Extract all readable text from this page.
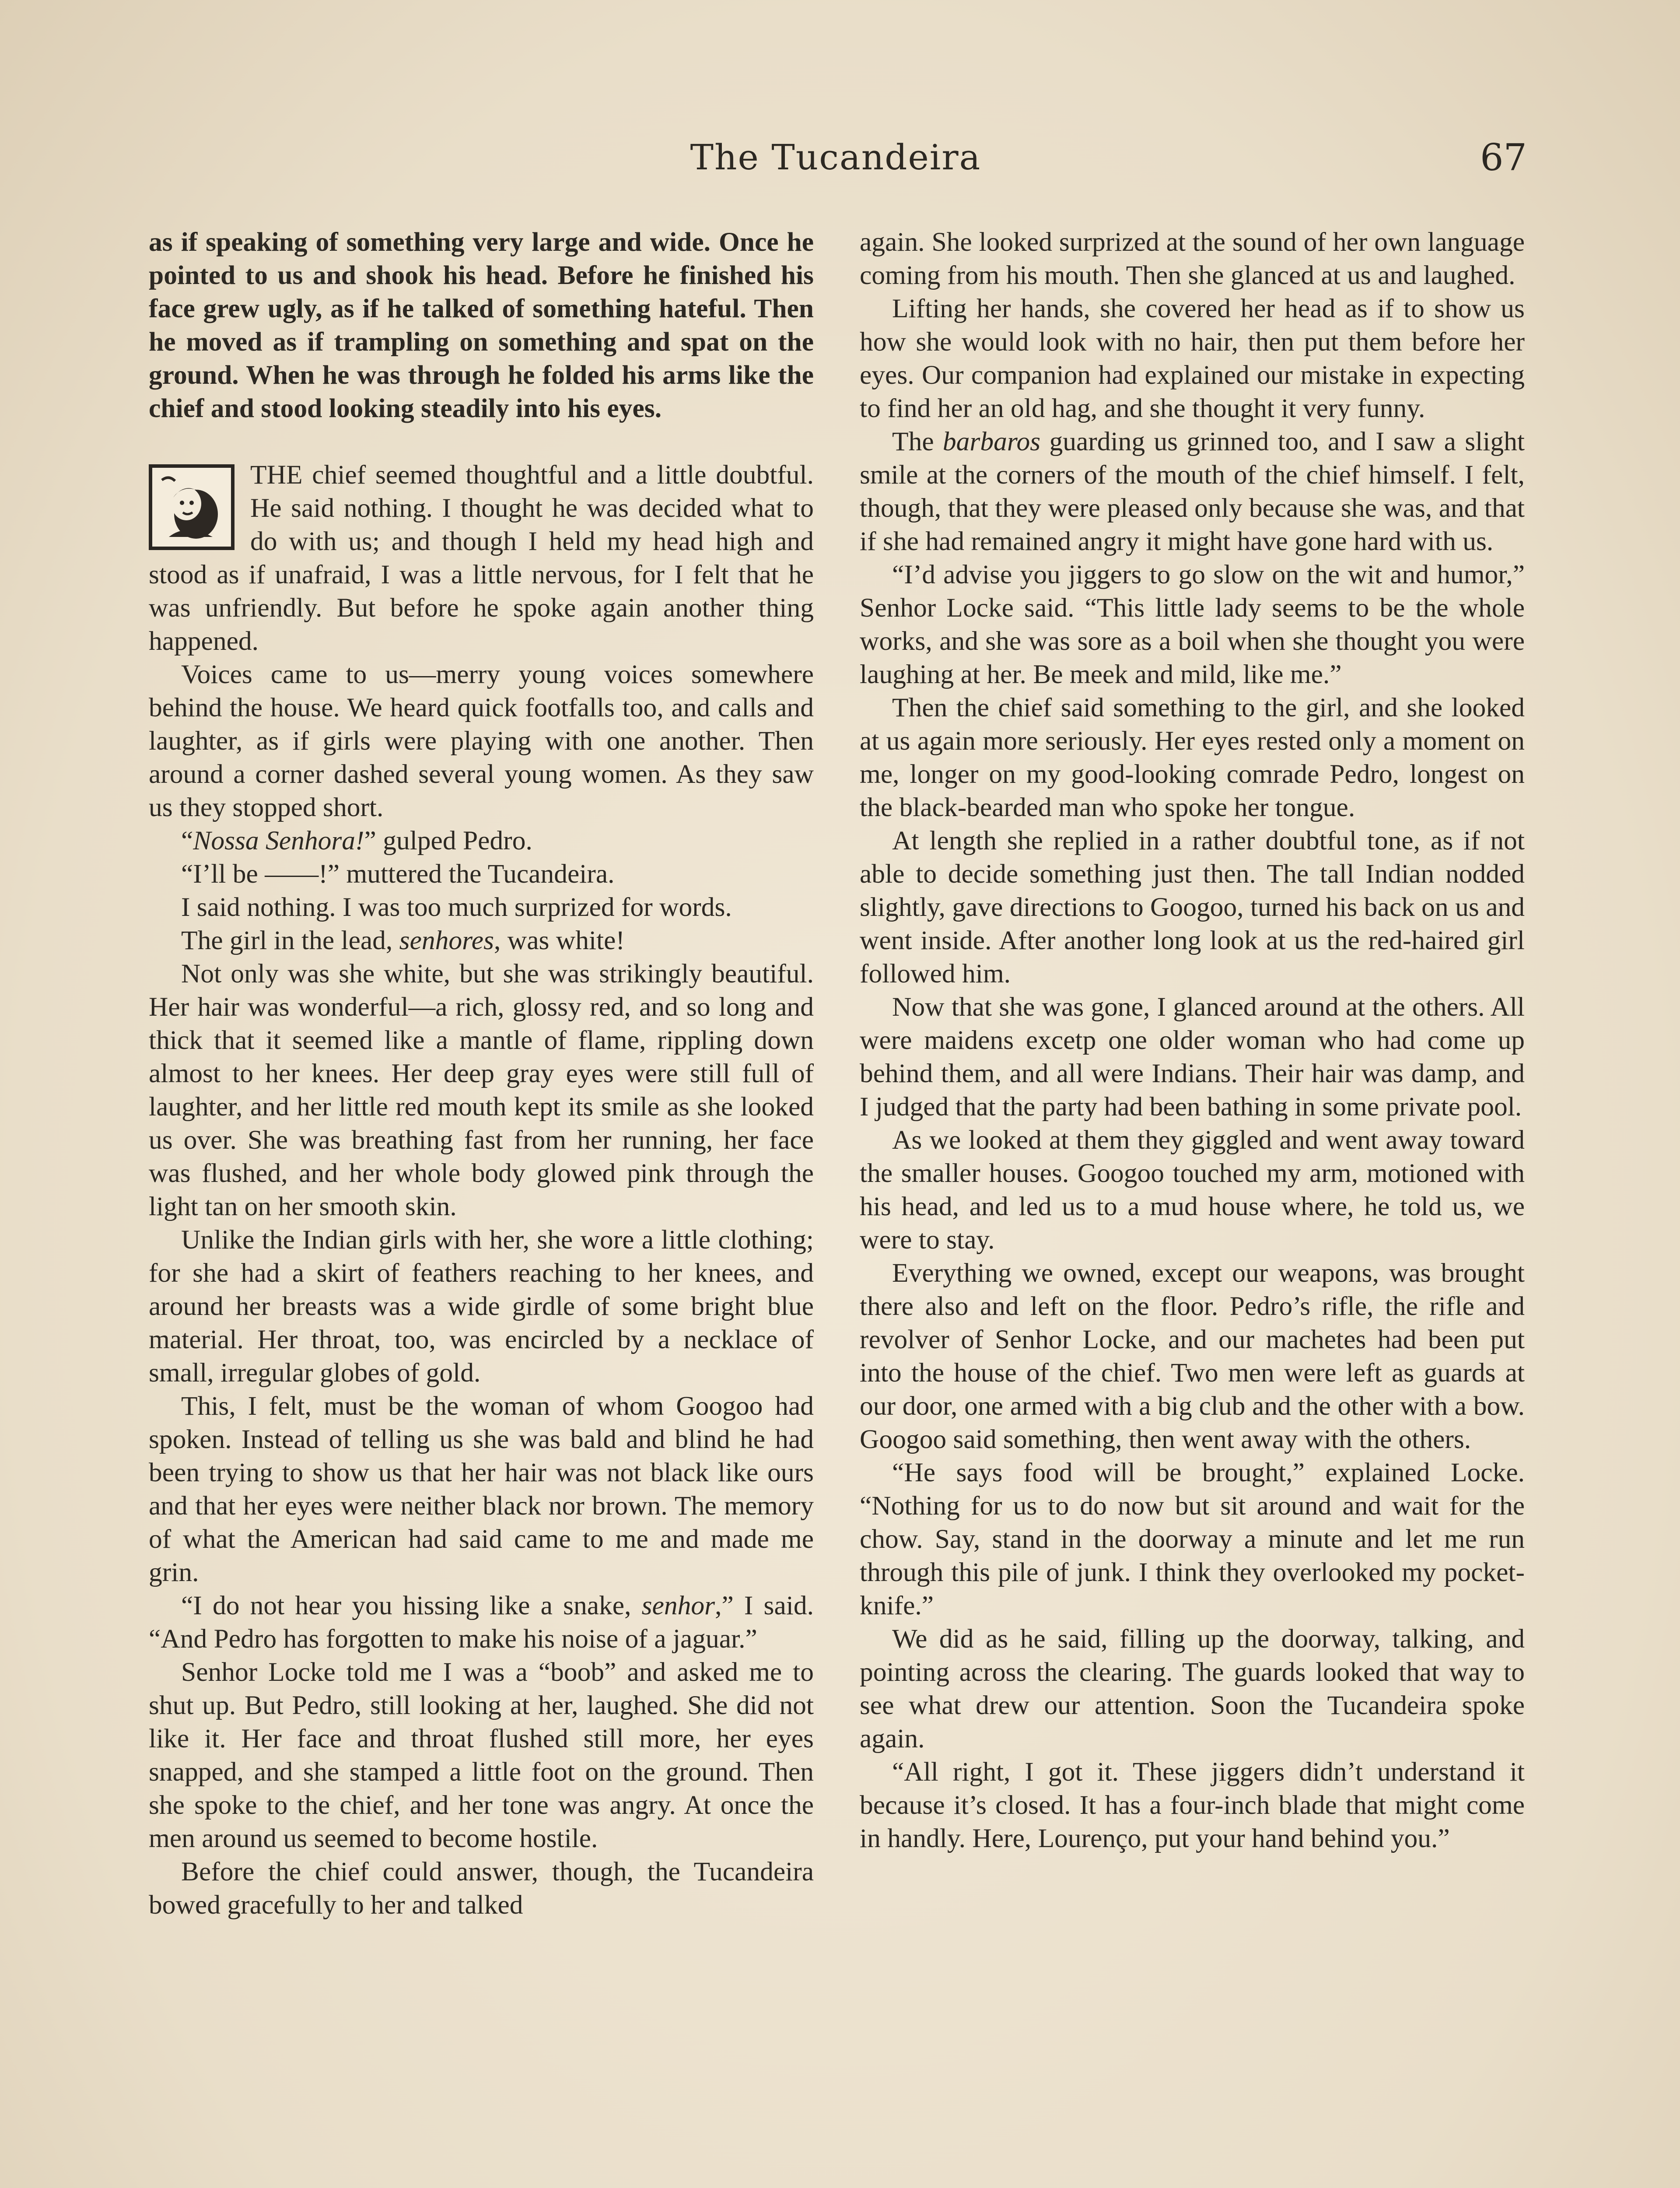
The Tucandeira	67

as if speaking of something very large and wide. Once he pointed to us and shook his head. Before he finished his face grew ugly, as if he talked of something hateful. Then he moved as if trampling on something and spat on the ground. When he was through he folded his arms like the chief and stood looking steadily into his eyes.

THE chief seemed thoughtful and a little doubtful. He said nothing. I thought he was decided what to do with us; and though I held my head high and stood as if unafraid, I was a little nervous, for I felt that he was unfriendly. But before he spoke again another thing happened.

Voices came to us—merry young voices somewhere behind the house. We heard quick footfalls too, and calls and laughter, as if girls were playing with one another. Then around a corner dashed several young women. As they saw us they stopped short.

“Nossa Senhora!” gulped Pedro.

“I’ll be ——!” muttered the Tucandeira.

I said nothing. I was too much surprized for words.

The girl in the lead, senhores, was white!

Not only was she white, but she was strikingly beautiful. Her hair was wonderful—a rich, glossy red, and so long and thick that it seemed like a mantle of flame, rippling down almost to her knees. Her deep gray eyes were still full of laughter, and her little red mouth kept its smile as she looked us over. She was breathing fast from her running, her face was flushed, and her whole body glowed pink through the light tan on her smooth skin.

Unlike the Indian girls with her, she wore a little clothing; for she had a skirt of feathers reaching to her knees, and around her breasts was a wide girdle of some bright blue material. Her throat, too, was encircled by a necklace of small, irregular globes of gold.

This, I felt, must be the woman of whom Googoo had spoken. Instead of telling us she was bald and blind he had been trying to show us that her hair was not black like ours and that her eyes were neither black nor brown. The memory of what the American had said came to me and made me grin.

“I do not hear you hissing like a snake, senhor,” I said. “And Pedro has forgotten to make his noise of a jaguar.”

Senhor Locke told me I was a “boob” and asked me to shut up. But Pedro, still looking at her, laughed. She did not like it. Her face and throat flushed still more, her eyes snapped, and she stamped a little foot on the ground. Then she spoke to the chief, and her tone was angry. At once the men around us seemed to become hostile.

Before the chief could answer, though, the Tucandeira bowed gracefully to her and talked

again. She looked surprized at the sound of her own language coming from his mouth. Then she glanced at us and laughed.

Lifting her hands, she covered her head as if to show us how she would look with no hair, then put them before her eyes. Our companion had explained our mistake in expecting to find her an old hag, and she thought it very funny.

The barbaros guarding us grinned too, and I saw a slight smile at the corners of the mouth of the chief himself. I felt, though, that they were pleased only because she was, and that if she had remained angry it might have gone hard with us.

“I’d advise you jiggers to go slow on the wit and humor,” Senhor Locke said. “This little lady seems to be the whole works, and she was sore as a boil when she thought you were laughing at her. Be meek and mild, like me.”

Then the chief said something to the girl, and she looked at us again more seriously. Her eyes rested only a moment on me, longer on my good-looking comrade Pedro, longest on the black-bearded man who spoke her tongue.

At length she replied in a rather doubtful tone, as if not able to decide something just then. The tall Indian nodded slightly, gave directions to Googoo, turned his back on us and went inside. After another long look at us the red-haired girl followed him.

Now that she was gone, I glanced around at the others. All were maidens excetp one older woman who had come up behind them, and all were Indians. Their hair was damp, and I judged that the party had been bathing in some private pool.

As we looked at them they giggled and went away toward the smaller houses. Googoo touched my arm, motioned with his head, and led us to a mud house where, he told us, we were to stay.

Everything we owned, except our weapons, was brought there also and left on the floor. Pedro’s rifle, the rifle and revolver of Senhor Locke, and our machetes had been put into the house of the chief. Two men were left as guards at our door, one armed with a big club and the other with a bow. Googoo said something, then went away with the others.

“He says food will be brought,” explained Locke. “Nothing for us to do now but sit around and wait for the chow. Say, stand in the doorway a minute and let me run through this pile of junk. I think they overlooked my pocket-knife.”

We did as he said, filling up the doorway, talking, and pointing across the clearing. The guards looked that way to see what drew our attention. Soon the Tucandeira spoke again.

“All right, I got it. These jiggers didn’t understand it because it’s closed. It has a four-inch blade that might come in handly. Here, Lourenço, put your hand behind you.”
